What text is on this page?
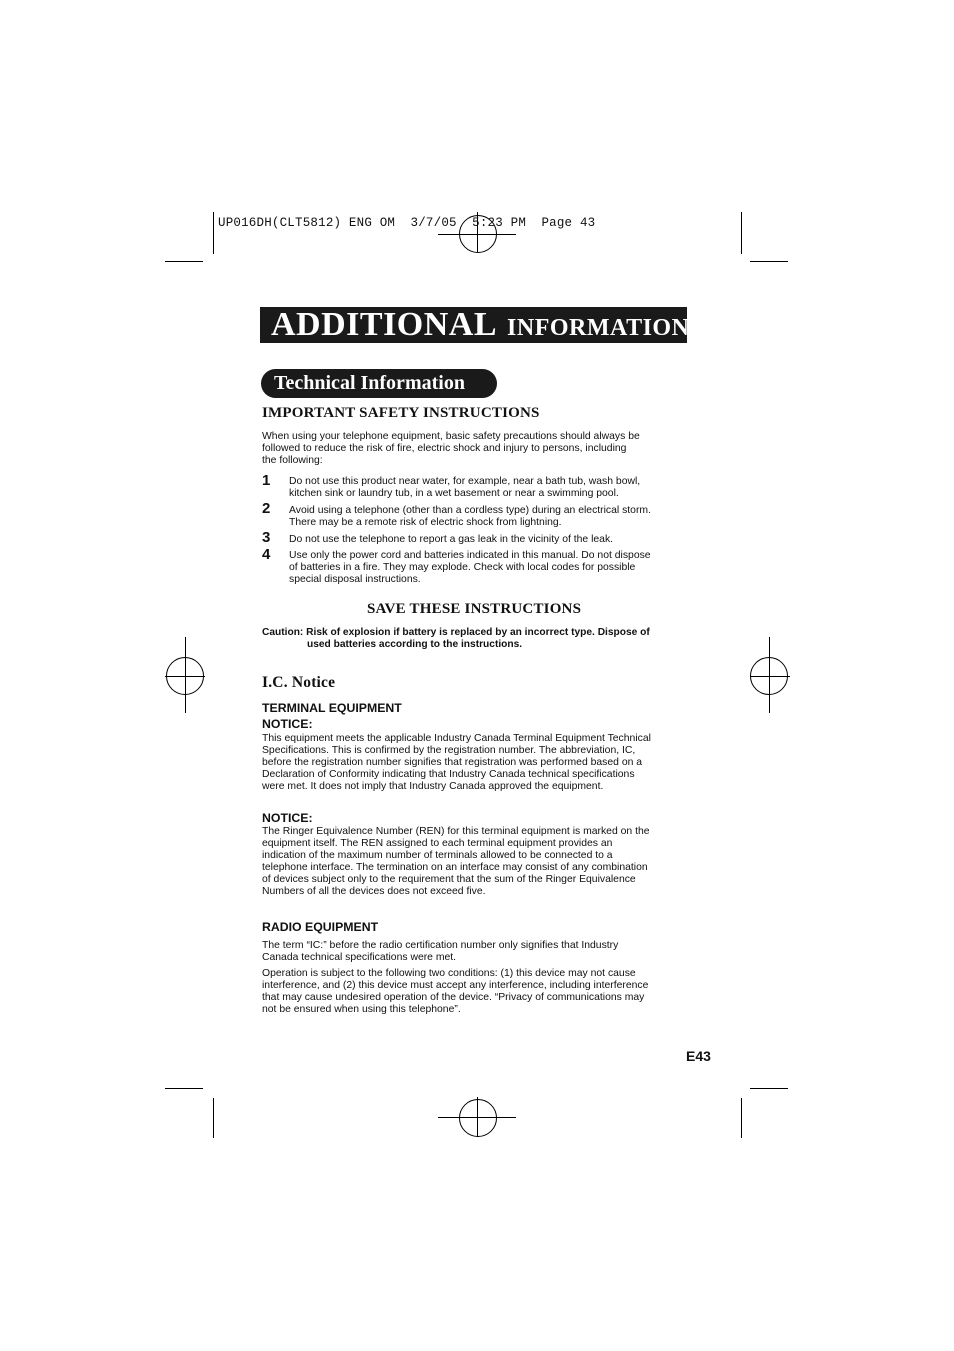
UP016DH(CLT5812) ENG OM  3/7/05  5:23 PM  Page 43
ADDITIONAL INFORMATION
Technical Information
IMPORTANT SAFETY INSTRUCTIONS
When using your telephone equipment, basic safety precautions should always be
followed to reduce the risk of fire, electric shock and injury to persons, including
the following:
1 Do not use this product near water, for example, near a bath tub, wash bowl,
kitchen sink or laundry tub, in a wet basement or near a swimming pool.
2 Avoid using a telephone (other than a cordless type) during an electrical storm.
There may be a remote risk of electric shock from lightning.
3 Do not use the telephone to report a gas leak in the vicinity of the leak.
4 Use only the power cord and batteries indicated in this manual. Do not dispose
of batteries in a fire. They may explode. Check with local codes for possible
special disposal instructions.
SAVE THESE INSTRUCTIONS
Caution: Risk of explosion if battery is replaced by an incorrect type. Dispose of
used batteries according to the instructions.
I.C. Notice
TERMINAL EQUIPMENT
NOTICE:
This equipment meets the applicable Industry Canada Terminal Equipment Technical
Specifications. This is confirmed by the registration number. The abbreviation, IC,
before the registration number signifies that registration was performed based on a
Declaration of Conformity indicating that Industry Canada technical specifications
were met. It does not imply that Industry Canada approved the equipment.
NOTICE:
The Ringer Equivalence Number (REN) for this terminal equipment is marked on the
equipment itself. The REN assigned to each terminal equipment provides an
indication of the maximum number of terminals allowed to be connected to a
telephone interface. The termination on an interface may consist of any combination
of devices subject only to the requirement that the sum of the Ringer Equivalence
Numbers of all the devices does not exceed five.
RADIO EQUIPMENT
The term “IC:” before the radio certification number only signifies that Industry
Canada technical specifications were met.
Operation is subject to the following two conditions: (1) this device may not cause
interference, and (2) this device must accept any interference, including interference
that may cause undesired operation of the device. “Privacy of communications may
not be ensured when using this telephone”.
E43
